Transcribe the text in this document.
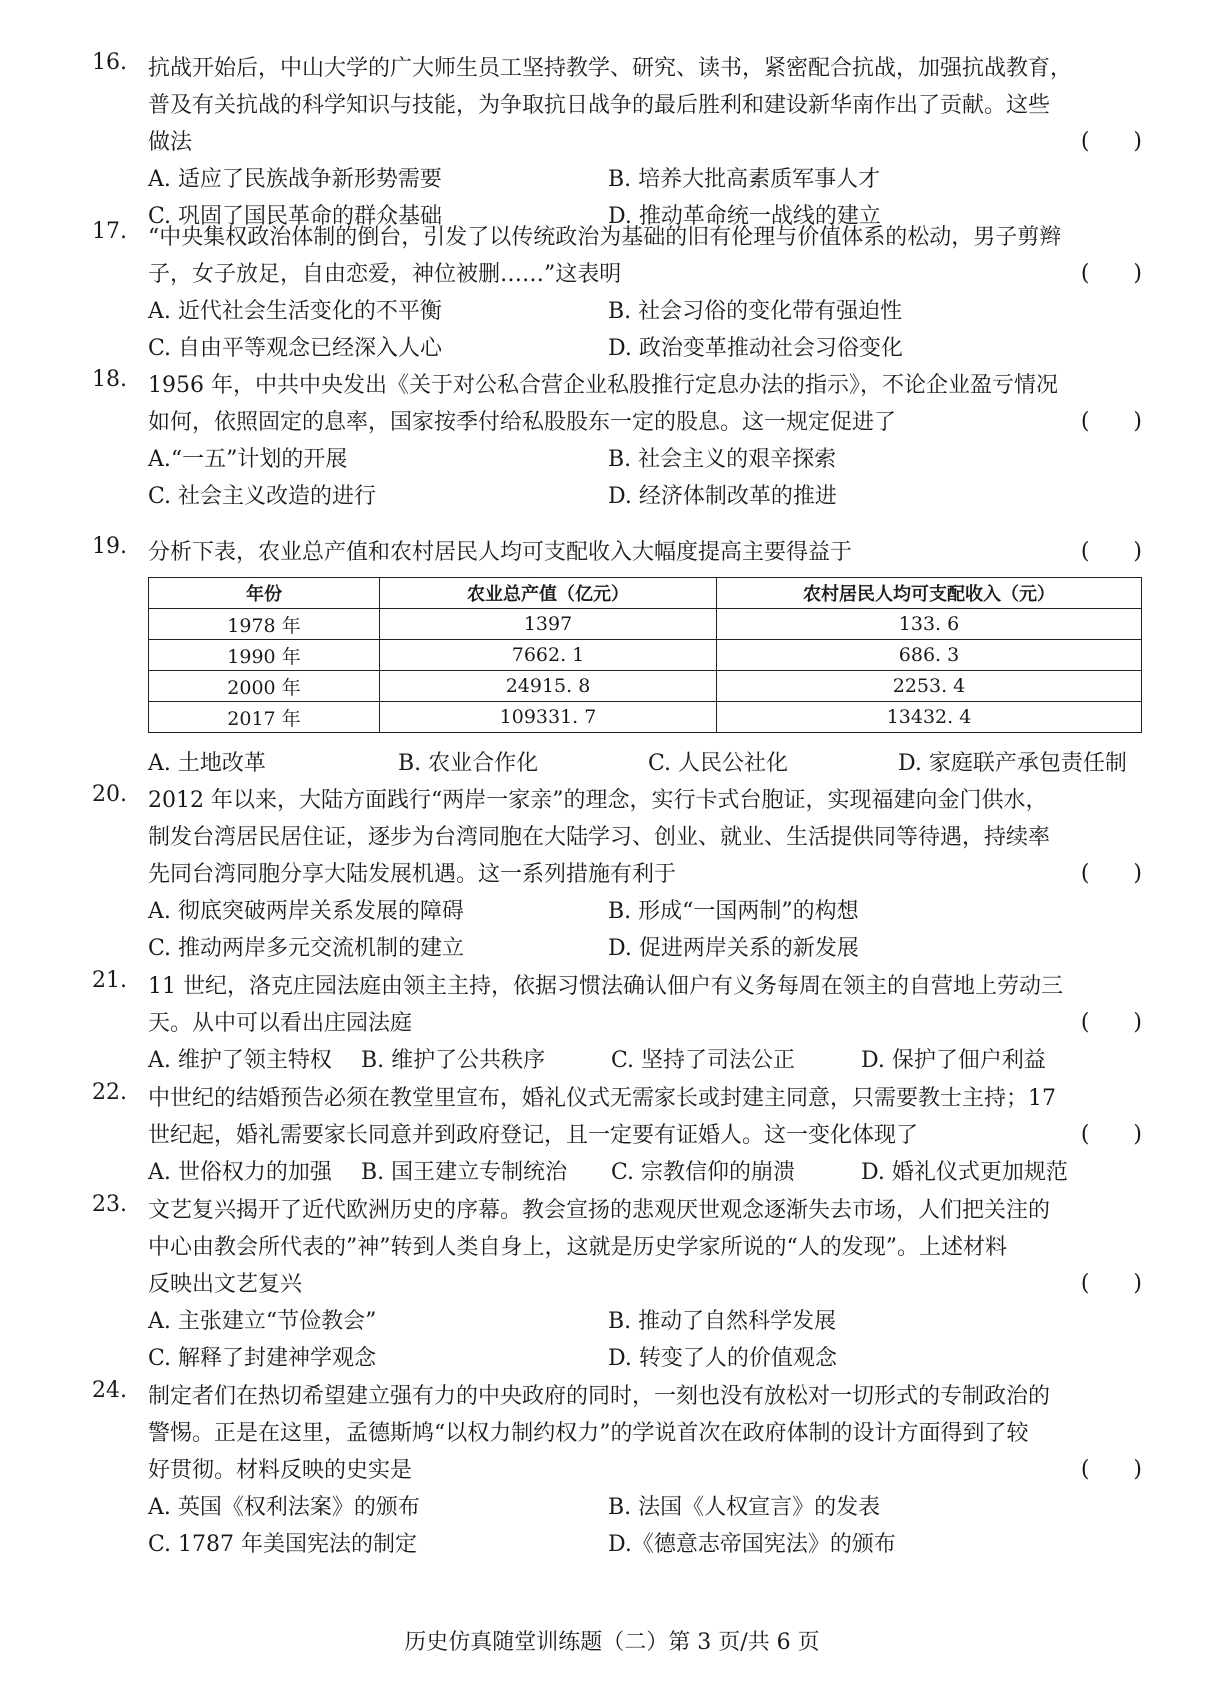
16. 抗战开始后，中山大学的广大师生员工坚持教学、研究、读书，紧密配合抗战，加强抗战教育，
普及有关抗战的科学知识与技能，为争取抗日战争的最后胜利和建设新华南作出了贡献。这些
做法	(　　)
A. 适应了民族战争新形势需要	B. 培养大批高素质军事人才
C. 巩固了国民革命的群众基础	D. 推动革命统一战线的建立
17. “中央集权政治体制的倒台，引发了以传统政治为基础的旧有伦理与价值体系的松动，男子剪辫
子，女子放足，自由恋爱，神位被删……”这表明	(　　)
A. 近代社会生活变化的不平衡	B. 社会习俗的变化带有强迫性
C. 自由平等观念已经深入人心	D. 政治变革推动社会习俗变化
18. 1956 年，中共中央发出《关于对公私合营企业私股推行定息办法的指示》，不论企业盈亏情况
如何，依照固定的息率，国家按季付给私股股东一定的股息。这一规定促进了	(　　)
A.“一五”计划的开展	B. 社会主义的艰辛探索
C. 社会主义改造的进行	D. 经济体制改革的推进
19. 分析下表，农业总产值和农村居民人均可支配收入大幅度提高主要得益于	(　　)
年份	农业总产值（亿元）	农村居民人均可支配收入（元）
1978 年	1397	133. 6
1990 年	7662. 1	686. 3
2000 年	24915. 8	2253. 4
2017 年	109331. 7	13432. 4
A. 土地改革	B. 农业合作化	C. 人民公社化	D. 家庭联产承包责任制
20. 2012 年以来，大陆方面践行“两岸一家亲”的理念，实行卡式台胞证，实现福建向金门供水，
制发台湾居民居住证，逐步为台湾同胞在大陆学习、创业、就业、生活提供同等待遇，持续率
先同台湾同胞分享大陆发展机遇。这一系列措施有利于	(　　)
A. 彻底突破两岸关系发展的障碍	B. 形成“一国两制”的构想
C. 推动两岸多元交流机制的建立	D. 促进两岸关系的新发展
21. 11 世纪，洛克庄园法庭由领主主持，依据习惯法确认佃户有义务每周在领主的自营地上劳动三
天。从中可以看出庄园法庭	(　　)
A. 维护了领主特权	B. 维护了公共秩序	C. 坚持了司法公正	D. 保护了佃户利益
22. 中世纪的结婚预告必须在教堂里宣布，婚礼仪式无需家长或封建主同意，只需要教士主持；17
世纪起，婚礼需要家长同意并到政府登记，且一定要有证婚人。这一变化体现了	(　　)
A. 世俗权力的加强	B. 国王建立专制统治	C. 宗教信仰的崩溃	D. 婚礼仪式更加规范
23. 文艺复兴揭开了近代欧洲历史的序幕。教会宣扬的悲观厌世观念逐渐失去市场，人们把关注的
中心由教会所代表的”神”转到人类自身上，这就是历史学家所说的“人的发现”。上述材料
反映出文艺复兴	(　　)
A. 主张建立“节俭教会”	B. 推动了自然科学发展
C. 解释了封建神学观念	D. 转变了人的价值观念
24. 制定者们在热切希望建立强有力的中央政府的同时，一刻也没有放松对一切形式的专制政治的
警惕。正是在这里，孟德斯鸠“以权力制约权力”的学说首次在政府体制的设计方面得到了较
好贯彻。材料反映的史实是	(　　)
A. 英国《权利法案》的颁布	B. 法国《人权宣言》的发表
C. 1787 年美国宪法的制定	D.《德意志帝国宪法》的颁布
历史仿真随堂训练题（二）第 3 页/共 6 页
